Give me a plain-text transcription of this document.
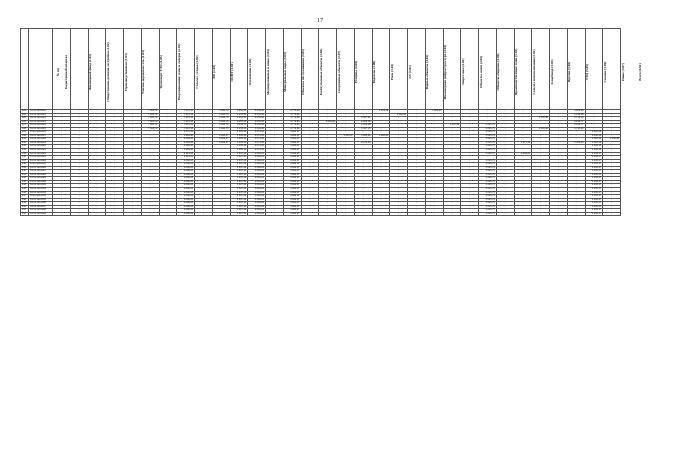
17
№ пп	Кадастровый квартал	Жилищный фонд (1.01)	Общественно-деловая застройка (1.02)	Производственная (1.03)	Улично-дорожная сеть (1.04)	Транспорт ТЭО (1.05)	Рекреационные зоны и скверы (2.01)	Сельхоз. угодья (2.02)	ЛФ (2.03)	ООПТ (3.01)	Озеленение (3.02)	Мелиоративные и иные (3.03)	Минеральные воды (3.04)	Объекты обслуживания (3.05)	Коммунальные объекты (3.06)	Спортивные объекты (3.07)	Резервы (3.08)	Водоемы (3.09)	Реки (3.10)	ЛХ (4.01)	Водные объекты (4.02)	Инженерная инфраструктура (4.03)	Энергетика (4.04)	Объекты связи (4.05)	Объекты обороны (4.06)	Производственные зоны (5.01)	Сельхоз использования (5.02)	Кладбища (5.03)	Прочие (5.04)	ТЭЦ (5.05)	Свалки (5.06)	Иные (5.07)	Всего (6.01)
123	61:01:1201010	-	-	-	-	-	7 665,72	-	7 315,14	-	1 694,73	1 453,53	5 039,68	-	4 770,84	-	-	-	-	1 078,48	-	-	1 080,29	-	-	-	-	-	-	-	6 184,60	-	-
124	61:01:1201011	-	-	-	-	-	7 665,72	-	7 315,14	-	1 694,73	1 453,53	5 039,68	-	4 770,84	-	-	-	-	-	1 963,40	-	-	-	-	-	-	-	-	-	6 018,98	-	-
125	61:01:1201012	-	-	-	-	-	7 665,72	-	7 315,14	-	1 694,73	1 453,53	5 039,68	-	4 770,84	-	-	-	2 327,41	-	-	-	-	-	-	-	-	-	1 336,48	-	6 715,23	-	-
126	61:01:1201013	-	-	-	-	-	7 665,72	-	7 315,14	-	1 694,73	1 453,53	5 039,68	-	4 770,84	-	3 084,05	-	2 665,56	-	-	-	-	-	-	-	-	-	-	-	6 018,77	-	-
127	61:01:1201014	-	-	-	-	-	7 665,72	-	7 315,14	-	1 694,73	1 453,53	5 039,68	-	4 770,84	-	-	-	1 431,48	-	-	-	-	1 097,88	-	1 315,75	-	-	-	-	6 018,77	-	-
128	61:01:1201015	-	-	-	-	-	7 665,72	-	7 315,14	-	1 694,73	1 453,53	5 039,68	-	4 770,84	-	-	-	1 567,15	-	-	-	-	-	-	1 315,75	-	-	1 336,48	-	6 715,23	-	-
129	61:01:1201016	-	-	-	-	-	-	-	4 472,53	-	-	1 395,40	1 674,65	-	4 662,97	-	-	-	-	-	-	-	-	-	-	1 315,75	-	-	-	-	-	4 520,12	-
130	61:01:1201017	-	-	-	-	-	-	-	1 964,08	-	2 063,17	1 395,40	1 674,65	-	4 662,97	-	-	1 155,47	2 855,50	1 328,86	-	-	-	-	-	1 315,75	-	-	-	-	-	4 340,15	-
131	61:01:1201018	-	-	-	-	-	-	-	2 260,05	-	2 063,17	1 395,40	1 674,65	-	4 662,97	-	-	-	-	-	-	-	-	-	-	1 315,75	-	-	-	-	-	4 520,12	1 336,48
132	61:01:1201019	-	-	-	-	-	-	-	2 260,05	-	2 063,17	1 395,40	1 674,65	-	4 662,97	-	-	-	2 271,48	-	-	-	-	-	-	1 315,75	-	1 677,31	-	-	1 336,48	4 520,12	-
133	61:01:1201020	-	-	-	-	-	-	-	2 260,05	-	-	1 395,40	1 674,65	-	4 662,97	-	-	-	-	-	-	-	-	-	-	1 315,75	-	-	-	-	-	4 340,15	-
134	61:01:1201021	-	-	-	-	-	-	-	1 964,08	-	-	1 395,40	1 674,65	-	4 662,97	-	-	-	-	-	-	-	-	-	-	1 315,75	-	-	-	-	-	4 340,15	-
135	61:01:1201022	-	-	-	-	-	-	-	2 011,62	-	-	1 697,44	1 684,22	-	4 662,97	-	-	-	-	-	-	-	-	-	-	1 315,75	-	2 104,01	-	-	-	4 236,17	-
136	61:01:1201023	-	-	-	-	-	-	-	2 011,62	-	-	1 697,44	1 684,22	-	4 662,97	-	-	-	-	-	-	-	-	-	-	-	-	-	-	-	-	4 236,17	-
137	61:01:1201024	-	-	-	-	-	-	-	1 808,23	-	-	1 697,44	1 684,22	-	4 662,97	-	-	-	-	-	-	-	-	-	-	1 315,75	-	-	-	-	-	4 236,17	-
138	61:01:1201025	-	-	-	-	-	-	-	1 808,23	-	-	1 697,44	1 684,22	-	4 662,97	-	-	-	-	-	-	-	-	-	-	1 315,75	-	-	-	-	-	4 236,17	-
139	61:01:1201026	-	-	-	-	-	-	-	1 808,23	-	-	1 697,44	1 684,22	-	4 662,97	-	-	-	-	-	-	-	-	-	-	1 315,75	-	-	-	-	-	4 236,17	-
140	61:01:1201027	-	-	-	-	-	-	-	1 808,23	-	-	1 697,44	1 684,22	-	4 662,97	-	-	-	-	-	-	-	-	-	-	1 315,75	-	-	-	-	-	4 236,17	-
141	61:01:1201028	-	-	-	-	-	-	-	1 808,23	-	-	1 697,44	1 684,22	-	4 662,97	-	-	-	-	-	-	-	-	-	-	1 315,75	-	-	-	-	-	4 236,17	-
142	61:01:1201029	-	-	-	-	-	-	-	1 808,23	-	-	1 697,44	1 684,22	-	4 662,97	-	-	-	-	-	-	-	-	-	-	1 315,75	-	-	-	-	-	4 236,17	-
143	61:01:1201030	-	-	-	-	-	-	-	1 808,23	-	-	1 697,44	1 684,22	-	4 662,97	-	-	-	-	-	-	-	-	-	-	1 315,75	-	-	-	-	-	4 236,17	-
144	61:01:1201031	-	-	-	-	-	-	-	1 808,23	-	-	1 697,44	1 684,22	-	4 662,97	-	-	-	-	-	-	-	-	-	-	1 315,75	-	-	-	-	-	4 236,17	-
145	61:01:1201032	-	-	-	-	-	-	-	1 808,23	-	-	1 697,44	1 684,22	-	4 662,97	-	-	-	-	-	-	-	-	-	-	1 315,75	-	-	-	-	-	4 236,17	-
146	61:01:1201033	-	-	-	-	-	-	-	1 808,23	-	-	1 697,44	1 684,22	-	4 662,97	-	-	-	-	-	-	-	-	-	-	1 315,75	-	-	-	-	-	4 236,17	-
147	61:01:1201034	-	-	-	-	-	-	-	1 808,23	-	-	1 697,44	1 684,22	-	4 662,97	-	-	-	-	-	-	-	-	-	-	1 315,75	-	-	-	-	-	4 236,17	-
148	61:01:1201035	-	-	-	-	-	-	-	1 808,23	-	-	1 697,44	1 684,22	-	4 662,97	-	-	-	-	-	-	-	-	-	-	1 315,75	-	-	-	-	-	4 236,17	-
149	61:01:1201036	-	-	-	-	-	-	-	1 808,23	-	-	1 697,44	1 684,22	-	4 662,97	-	-	-	-	-	-	-	-	-	-	1 315,75	-	-	-	-	-	4 236,17	-
150	61:01:1201037	-	-	-	-	-	-	-	1 808,23	-	-	1 697,44	1 684,22	-	4 662,97	-	-	-	-	-	-	-	-	-	-	1 315,75	-	-	-	-	-	4 236,17	-
151	61:01:1201038	-	-	-	-	-	-	-	1 808,23	-	-	1 697,44	1 684,22	-	4 662,97	-	-	-	-	-	-	-	-	-	-	1 315,75	-	-	-	-	-	4 236,17	-
152	61:01:1201039	-	-	-	-	-	-	-	1 808,23	-	-	1 697,44	1 684,22	-	4 662,97	-	-	-	-	-	-	-	-	-	-	1 315,75	-	-	-	-	-	4 236,17	-
